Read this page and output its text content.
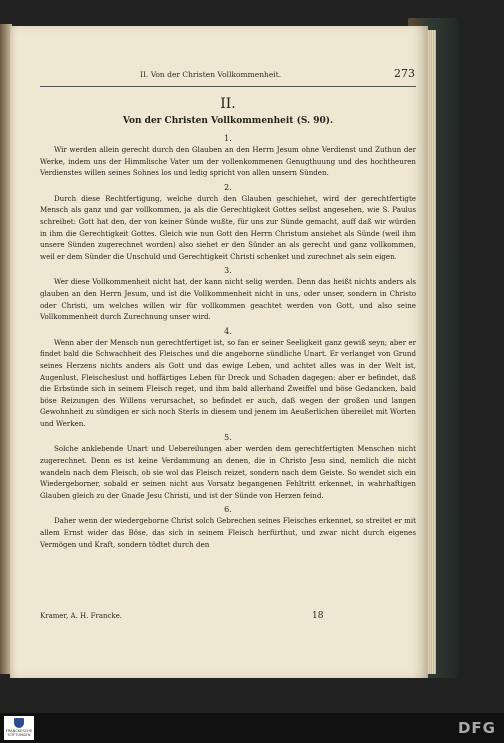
II. Von der Christen Vollkommenheit.	273

II.

Von der Christen Vollkommenheit (S. 90).

1.

Wir werden allein gerecht durch den Glauben an den Herrn Jesum ohne Verdienst und Zuthun der Werke, indem uns der Himmlische Vater um der vollenkommenen Genugthuung und des hochtheuren Verdienstes willen seines Sohnes los und ledig spricht von allen unsern Sünden.

2.

Durch diese Rechtfertigung, welche durch den Glauben geschiehet, wird der gerechtfertigte Mensch als ganz und gar vollkommen, ja als die Gerechtigkeit Gottes selbst angesehen, wie S. Paulus schreibet: Gott hat den, der von keiner Sünde wußte, für uns zur Sünde gemacht, auff daß wir würden in ihm die Gerechtigkeit Gottes. Gleich wie nun Gott den Herrn Christum ansiehet als Sünde (weil ihm unsere Sünden zugerechnet worden) also siehet er den Sünder an als gerecht und ganz vollkommen, weil er dem Sünder die Unschuld und Gerechtigkeit Christi schenket und zurechnet als sein eigen.

3.

Wer diese Vollkommenheit nicht hat, der kann nicht selig werden. Denn das heißt nichts anders als glauben an den Herrn Jesum, und ist die Vollkommenheit nicht in uns, oder unser, sondern in Christo oder Christi, um welches willen wir für vollkommen geachtet werden von Gott, und also seine Vollkommenheit durch Zurechnung unser wird.

4.

Wenn aber der Mensch nun gerechtfertiget ist, so fan er seiner Seeligkeit ganz gewiß seyn; aber er findet bald die Schwachheit des Fleisches und die angeborne sündliche Unart. Er verlanget von Grund seines Herzens nichts anders als Gott und das ewige Leben, und achtet alles was in der Welt ist, Augenlust, Fleischeslust und hoffärtiges Leben für Dreck und Schaden dagegen: aber er befindet, daß die Erbsünde sich in seinem Fleisch reget, und ihm bald allerhand Zweiffel und böse Gedancken, bald böse Reizungen des Willens verursachet, so befindet er auch, daß wegen der großen und langen Gewohnheit zu sündigen er sich noch Sterls in diesem und jenem im Aeußerlichen übereilet mit Worten und Werken.

5.

Solche anklebende Unart und Uebereilungen aber werden dem gerechtfertigten Menschen nicht zugerechnet. Denn es ist keine Verdammung an denen, die in Christo Jesu sind, nemlich die nicht wandeln nach dem Fleisch, ob sie wol das Fleisch reizet, sondern nach dem Geiste. So wendet sich ein Wiedergeborner, sobald er seinen nicht aus Vorsatz begangenen Fehltritt erkennet, in wahrhaftigen Glauben gleich zu der Gnade Jesu Christi, und ist der Sünde von Herzen feind.

6.

Daher wenn der wiedergeborne Christ solch Gebrechen seines Fleisches erkennet, so streitet er mit allem Ernst wider das Böse, das sich in seinem Fleisch herfürthut, und zwar nicht durch eigenes Vermögen und Kraft, sondern tödtet durch den

Kramer, A. H. Francke.	18
FRANCKESCHE STIFTUNGEN	DFG
